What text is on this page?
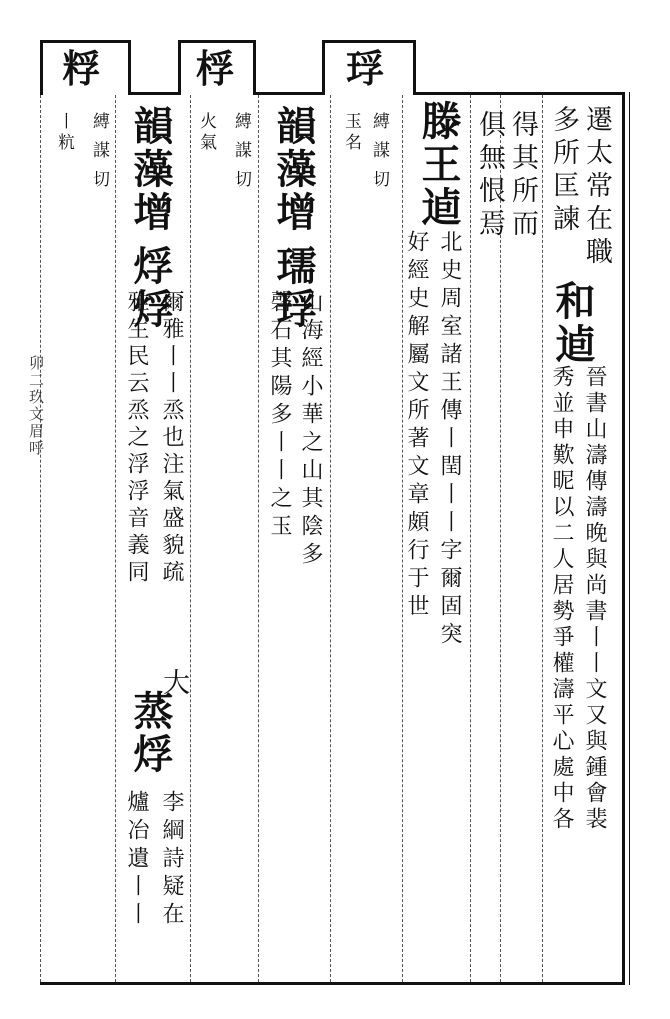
粰	桴	琈
遷太常在職
多所匡諫
和逌
晉書山濤傳濤晚與尚書丨丨文又與鍾會裴
秀並申歎昵以二人居勢爭權濤平心處中各
得其所而
俱無恨焉
滕王逌
北史周室諸王傳丨閏丨丨字爾固突
好經史解屬文所著文章頗行于世
縛謀切
玉名
韻藻增
瓀琈
山海經小華之山其陰多
磬石其陽多丨丨之玉
縛謀切
火氣
韻藻增
烰烰
爾雅丨丨烝也注氣盛貌疏
雅生民云烝之浮浮音義同
大
蒸烰
李綱詩疑在
爐冶遺丨丨
縛謀切
丨粇
卯二玖文眉呼
